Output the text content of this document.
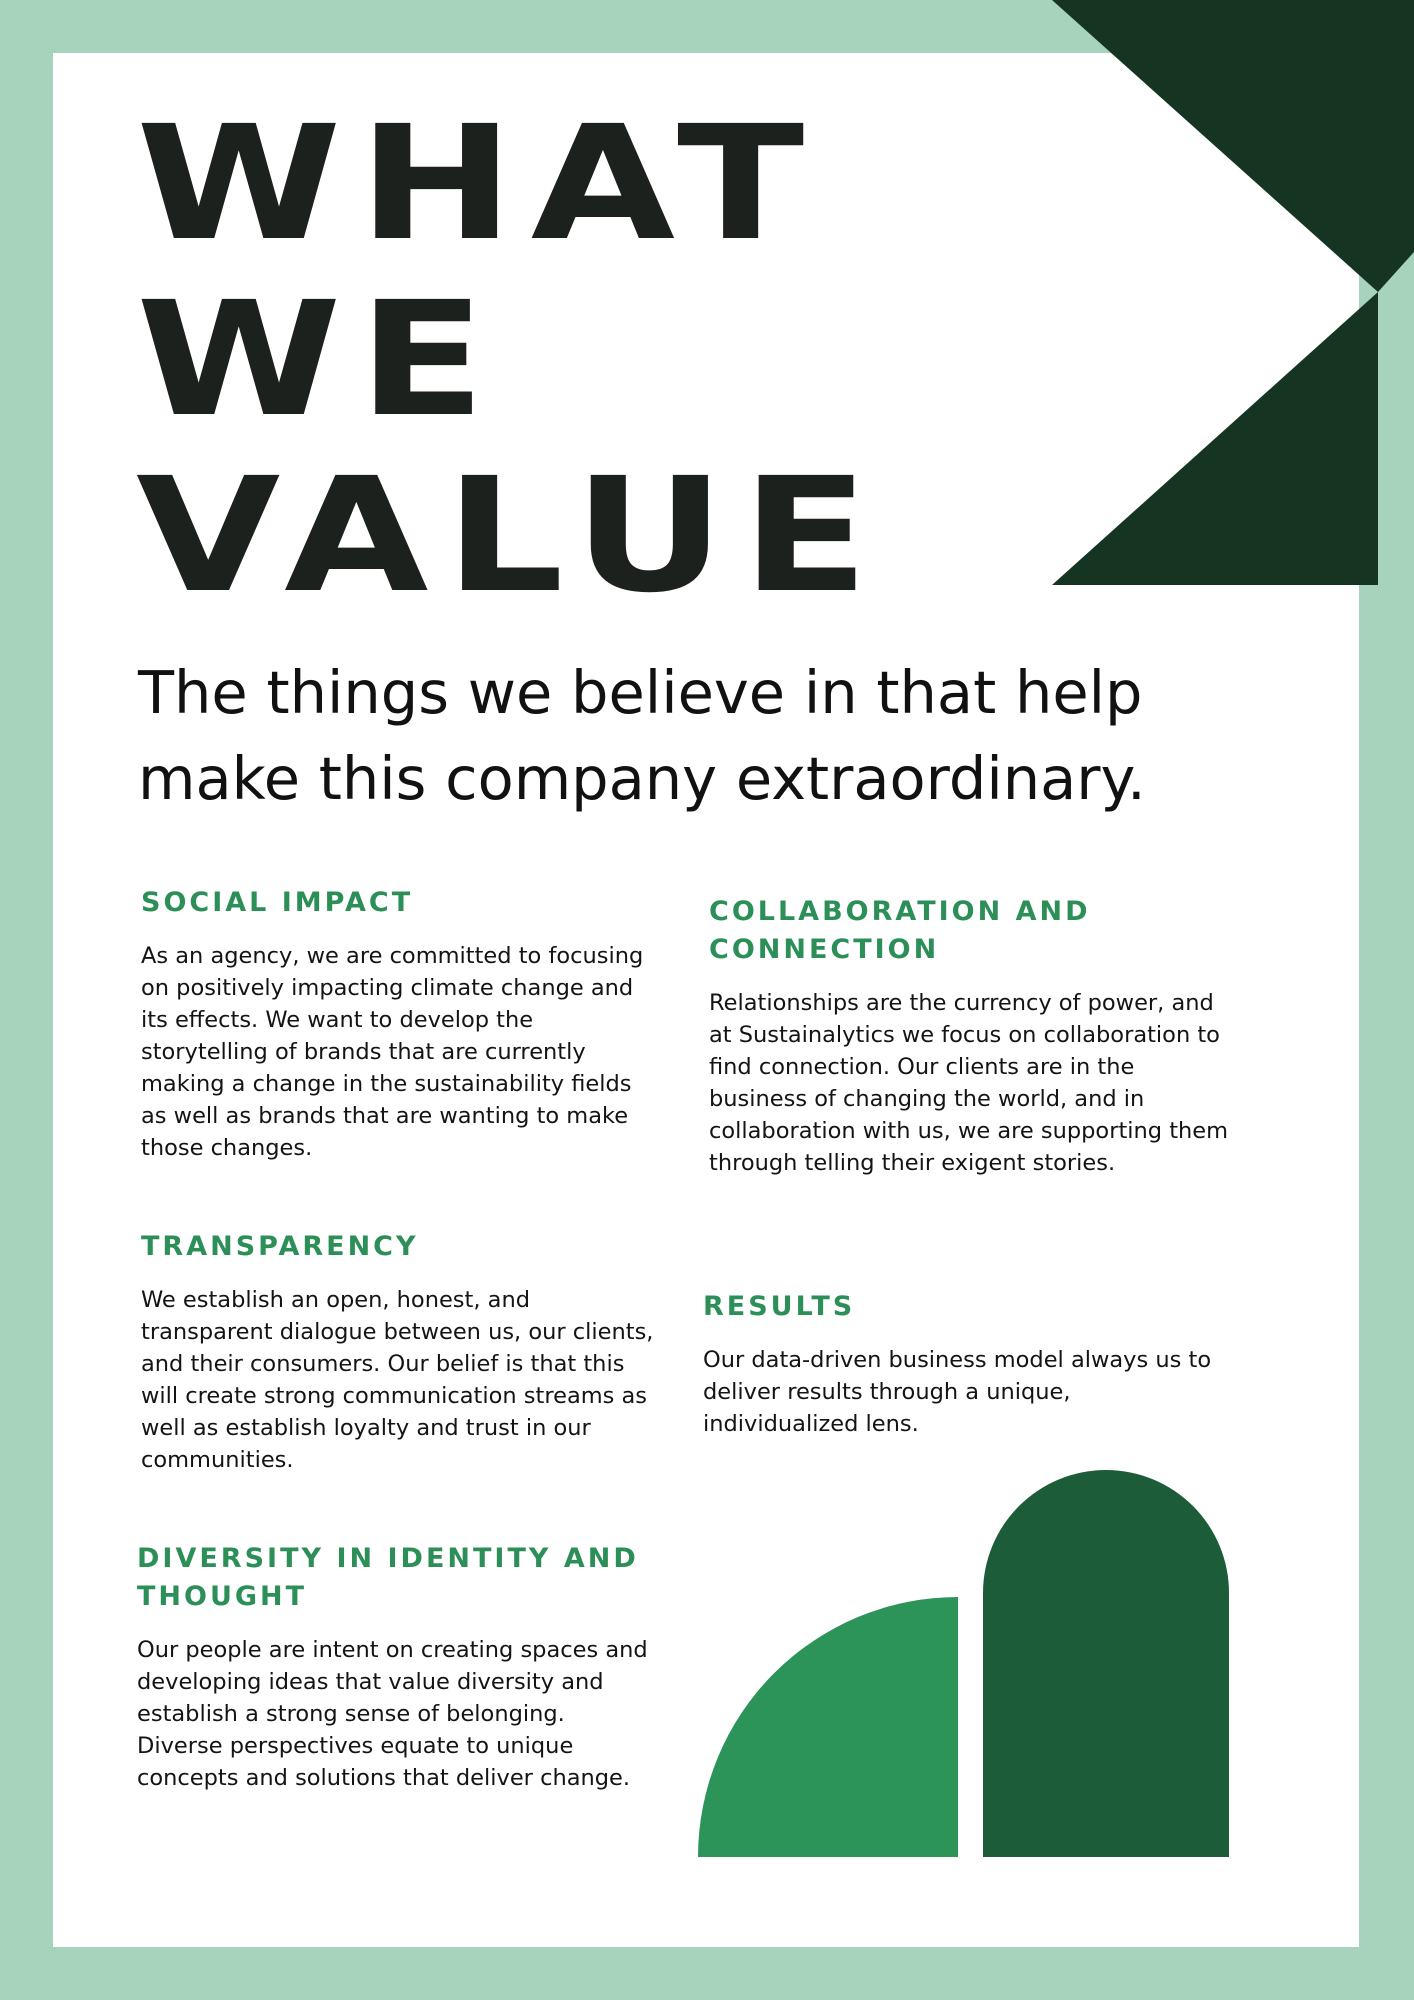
WHAT
WE
VALUE

The things we believe in that help make this company extraordinary.

SOCIAL IMPACT

As an agency, we are committed to focusing on positively impacting climate change and its effects. We want to develop the storytelling of brands that are currently making a change in the sustainability fields as well as brands that are wanting to make those changes.

TRANSPARENCY

We establish an open, honest, and transparent dialogue between us, our clients, and their consumers. Our belief is that this will create strong communication streams as well as establish loyalty and trust in our communities.

DIVERSITY IN IDENTITY AND THOUGHT

Our people are intent on creating spaces and developing ideas that value diversity and establish a strong sense of belonging. Diverse perspectives equate to unique concepts and solutions that deliver change.

COLLABORATION AND CONNECTION

Relationships are the currency of power, and at Sustainalytics we focus on collaboration to find connection. Our clients are in the business of changing the world, and in collaboration with us, we are supporting them through telling their exigent stories.

RESULTS

Our data-driven business model always us to deliver results through a unique, individualized lens.
